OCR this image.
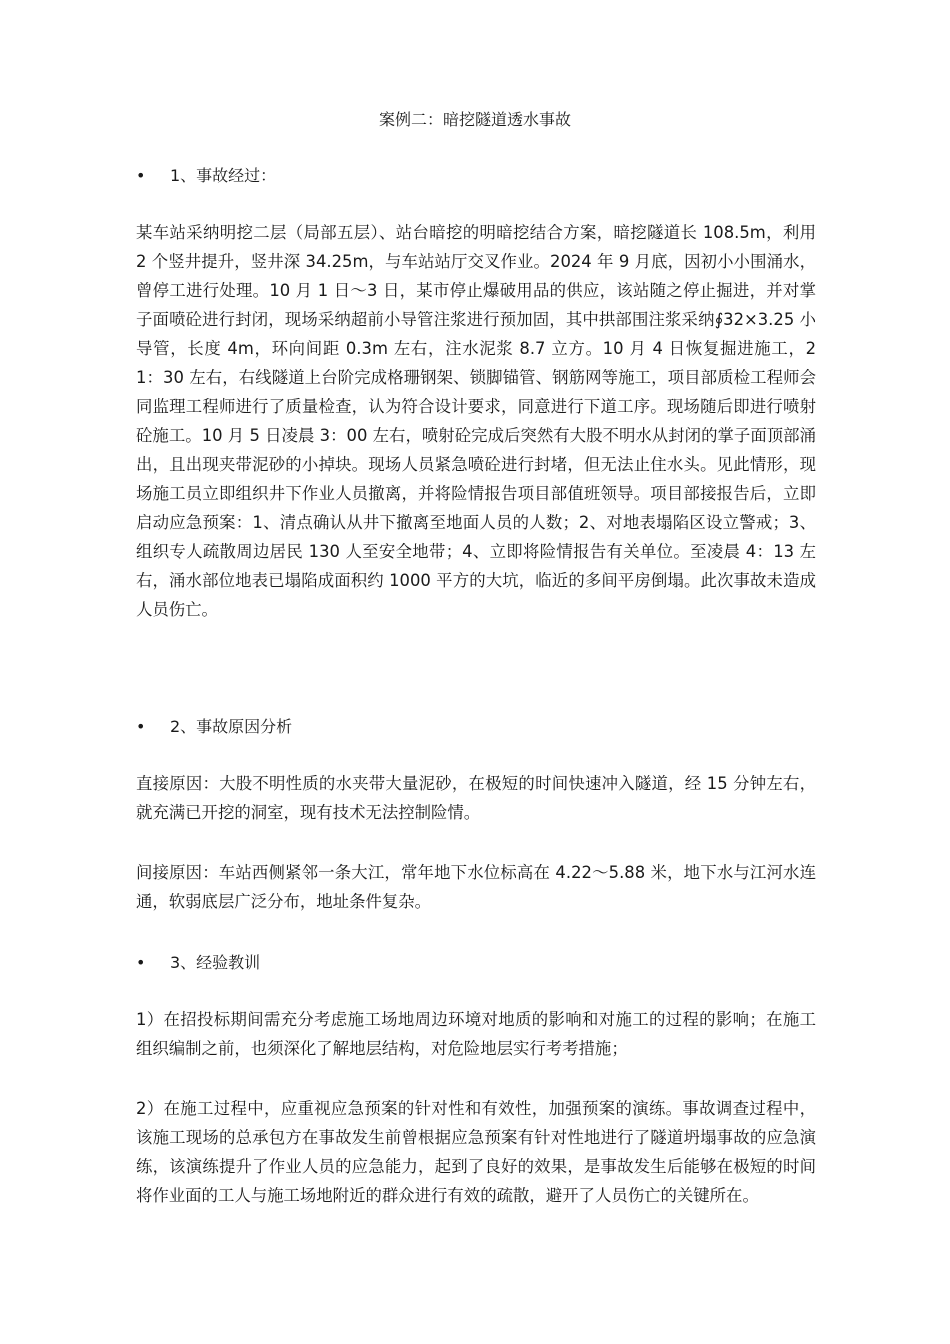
案例二：暗挖隧道透水事故
• 1、事故经过：

某车站采纳明挖二层（局部五层）、站台暗挖的明暗挖结合方案，暗挖隧道长 108.5m，利用 2 个竖井提升，竖井深 34.25m，与车站站厅交叉作业。2024 年 9 月底，因初小小围涌水，曾停工进行处理。10 月 1 日～3 日，某市停止爆破用品的供应，该站随之停止掘进，并对掌子面喷砼进行封闭，现场采纳超前小导管注浆进行预加固，其中拱部围注浆采纳∮32×3.25 小导管，长度 4m，环向间距 0.3m 左右，注水泥浆 8.7 立方。10 月 4 日恢复掘进施工，21：30 左右，右线隧道上台阶完成格珊钢架、锁脚锚管、钢筋网等施工，项目部质检工程师会同监理工程师进行了质量检查，认为符合设计要求，同意进行下道工序。现场随后即进行喷射砼施工。10 月 5 日凌晨 3：00 左右，喷射砼完成后突然有大股不明水从封闭的掌子面顶部涌出，且出现夹带泥砂的小掉块。现场人员紧急喷砼进行封堵，但无法止住水头。见此情形，现场施工员立即组织井下作业人员撤离，并将险情报告项目部值班领导。项目部接报告后，立即启动应急预案：1、清点确认从井下撤离至地面人员的人数；2、对地表塌陷区设立警戒；3、组织专人疏散周边居民 130 人至安全地带；4、立即将险情报告有关单位。至凌晨 4：13 左右，涌水部位地表已塌陷成面积约 1000 平方的大坑，临近的多间平房倒塌。此次事故未造成人员伤亡。

• 2、事故原因分析

直接原因：大股不明性质的水夹带大量泥砂，在极短的时间快速冲入隧道，经 15 分钟左右，就充满已开挖的洞室，现有技术无法控制险情。

间接原因：车站西侧紧邻一条大江，常年地下水位标高在 4.22～5.88 米，地下水与江河水连通，软弱底层广泛分布，地址条件复杂。

• 3、经验教训

1）在招投标期间需充分考虑施工场地周边环境对地质的影响和对施工的过程的影响；在施工组织编制之前，也须深化了解地层结构，对危险地层实行考考措施；

2）在施工过程中，应重视应急预案的针对性和有效性，加强预案的演练。事故调查过程中，该施工现场的总承包方在事故发生前曾根据应急预案有针对性地进行了隧道坍塌事故的应急演练，该演练提升了作业人员的应急能力，起到了良好的效果，是事故发生后能够在极短的时间将作业面的工人与施工场地附近的群众进行有效的疏散，避开了人员伤亡的关键所在。
